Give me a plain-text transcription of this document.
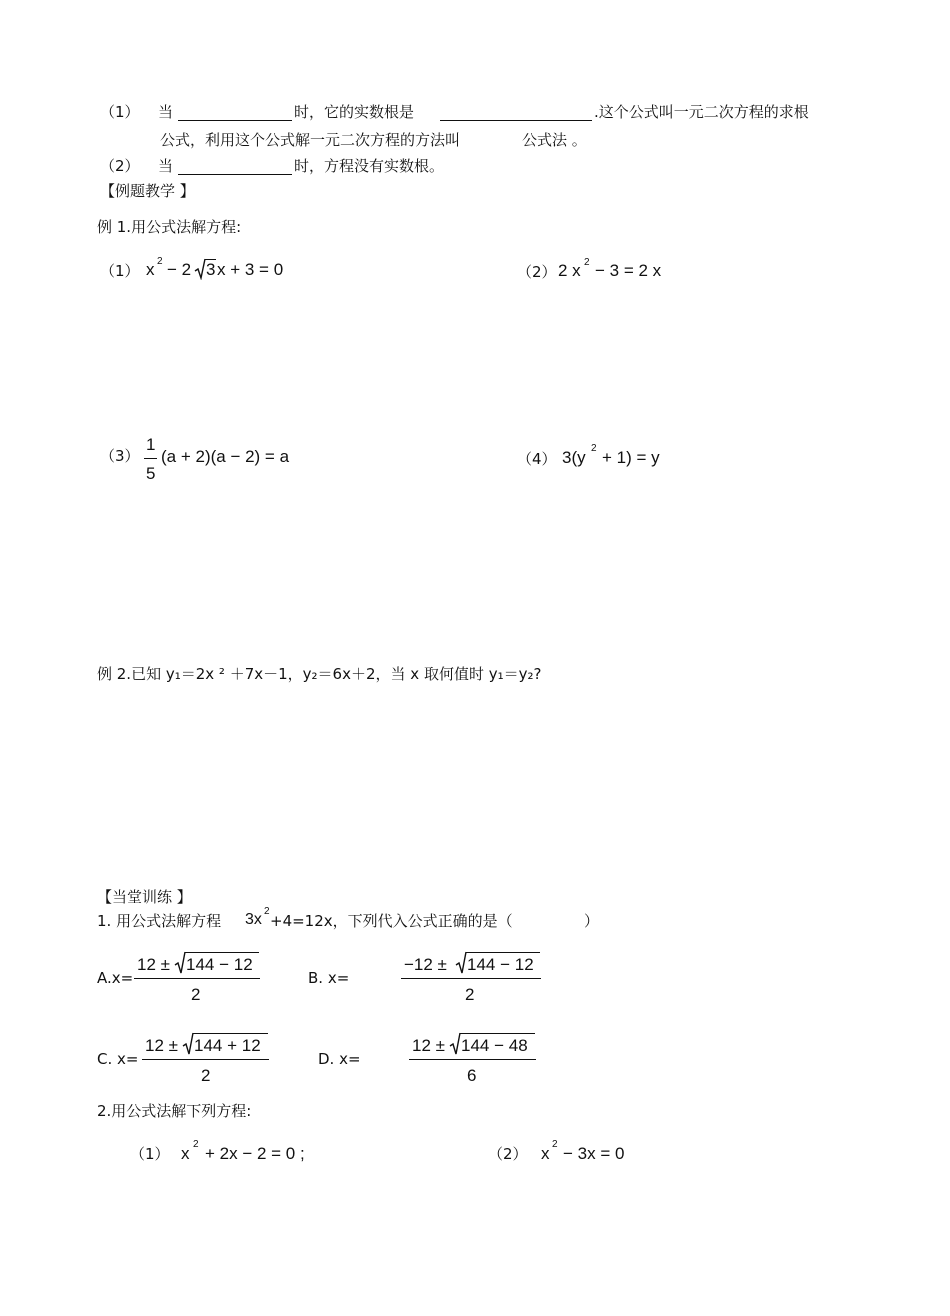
（1） 当	时，它的实数根是	.这个公式叫一元二次方程的求根
公式，利用这个公式解一元二次方程的方法叫	公式法 。
（2） 当	时，方程没有实数根。
【例题教学 】
例 1.用公式法解方程:
（1） x 2 − 2 3 x + 3 = 0	（2） 2 x 2 − 3 = 2 x
（3）
1
5
(a + 2)(a − 2) = a	（4） 3(y 2 + 1) = y
例 2.已知 y₁＝2x ² ＋7x－1，y₂＝6x＋2，当 x 取何值时 y₁＝y₂?
【当堂训练 】
1. 用公式法解方程 3x 2
+4=12x，下列代入公式正确的是（	）
A.x=
12 ± 144 − 12
2
B. x=
−12 ± 144 − 12
2
C. x=
12 ± 144 + 12
2
D. x=
12 ± 144 − 48
6
2.用公式法解下列方程:
（1） x 2 + 2x − 2 = 0 ;	（2） x 2 − 3x = 0
